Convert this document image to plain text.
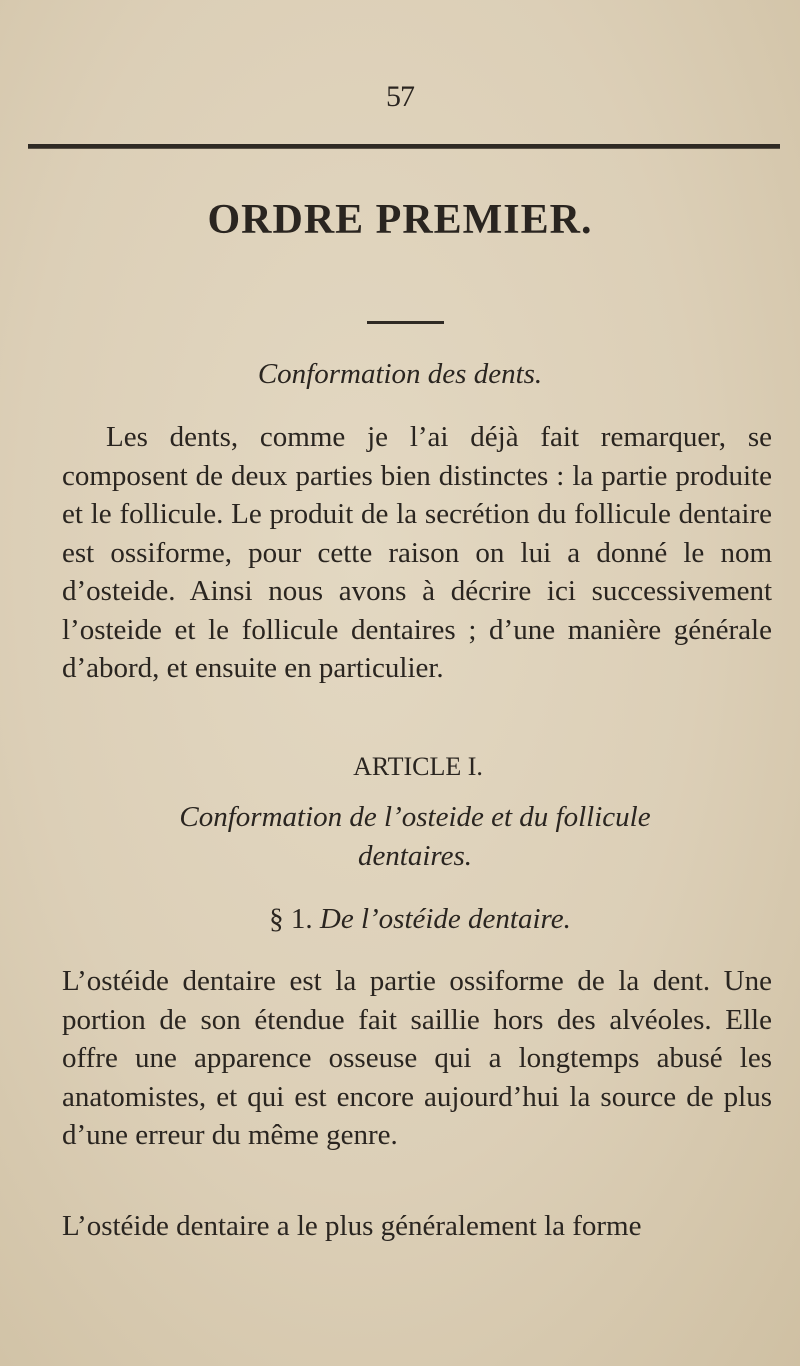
57
ORDRE PREMIER.
Conformation des dents.
Les dents, comme je l’ai déjà fait remarquer, se composent de deux parties bien distinctes : la partie produite et le follicule. Le produit de la secrétion du follicule dentaire est ossiforme, pour cette raison on lui a donné le nom d’osteide. Ainsi nous avons à décrire ici successivement l’osteide et le follicule dentaires ; d’une manière générale d’abord, et ensuite en particulier.
ARTICLE I.
Conformation de l’osteide et du follicule
dentaires.
§ 1. De l’ostéide dentaire.
L’ostéide dentaire est la partie ossiforme de la dent. Une portion de son étendue fait saillie hors des alvéoles. Elle offre une apparence osseuse qui a longtemps abusé les anatomistes, et qui est encore aujourd’hui la source de plus d’une erreur du même genre.
L’ostéide dentaire a le plus généralement la forme
